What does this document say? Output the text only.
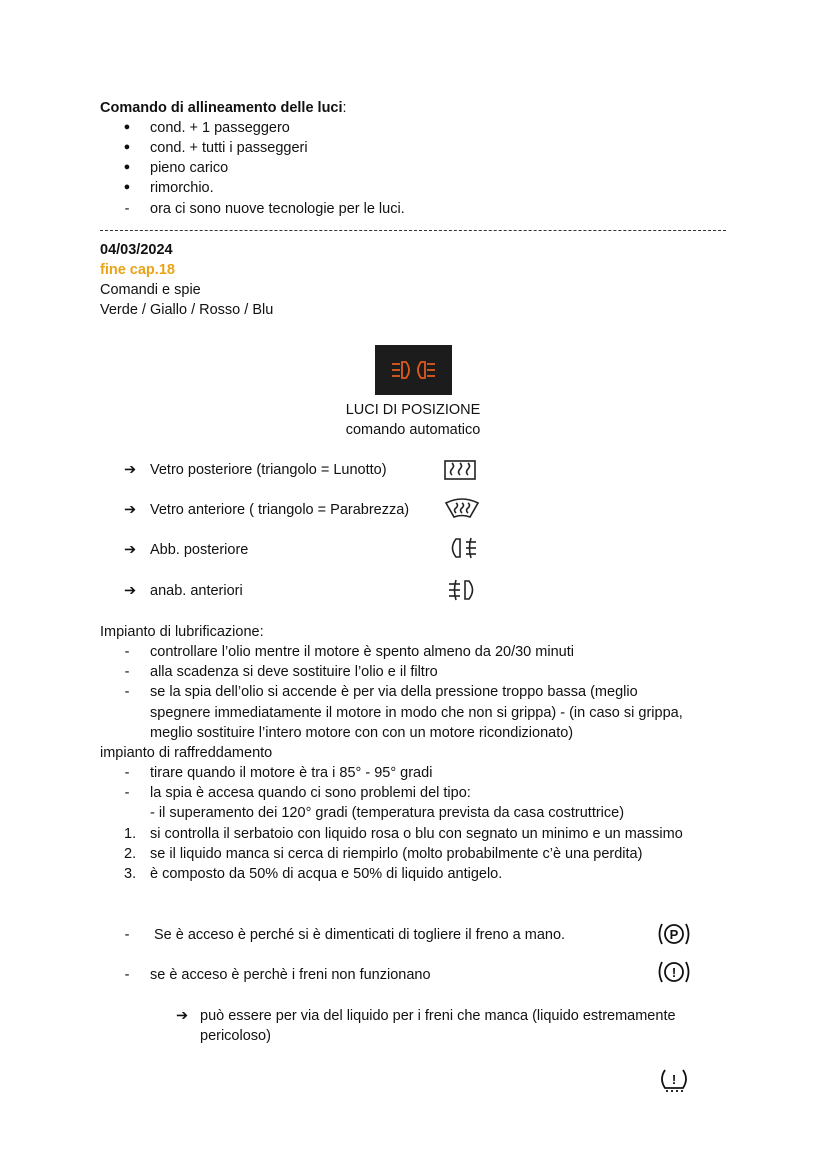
Comando di allineamento delle luci:
●	cond. + 1 passeggero
●	cond. + tutti i passeggeri
●	pieno carico
●	rimorchio.
-	ora ci sono nuove tecnologie per le luci.
04/03/2024
fine cap.18
Comandi e spie
Verde / Giallo / Rosso / Blu
LUCI DI POSIZIONE
comando automatico
➔ Vetro posteriore (triangolo = Lunotto)
➔ Vetro anteriore ( triangolo = Parabrezza)
➔ Abb. posteriore
➔ anab. anteriori
Impianto di lubrificazione:
-	controllare l’olio mentre il motore è spento almeno da 20/30 minuti
-	alla scadenza si deve sostituire l’olio e il filtro
-	se la spia dell’olio si accende è per via della pressione troppo bassa (meglio
spegnere immediatamente il motore in modo che non si grippa) - (in caso si grippa,
meglio sostituire l’intero motore con con un motore ricondizionato)
impianto di raffreddamento
-	tirare quando il motore è tra i 85° - 95° gradi
-	la spia è accesa quando ci sono problemi del tipo:
- il superamento dei 120° gradi (temperatura prevista da casa costruttrice)
1. si controlla il serbatoio con liquido rosa o blu con segnato un minimo e un massimo
2. se il liquido manca si cerca di riempirlo (molto probabilmente c’è una perdita)
3. è composto da 50% di acqua e 50% di liquido antigelo.
-	Se è acceso è perché si è dimenticati di togliere il freno a mano.	P
-	se è acceso è perchè i freni non funzionano	!
➔ può essere per via del liquido per i freni che manca (liquido estremamente
pericoloso)
!
